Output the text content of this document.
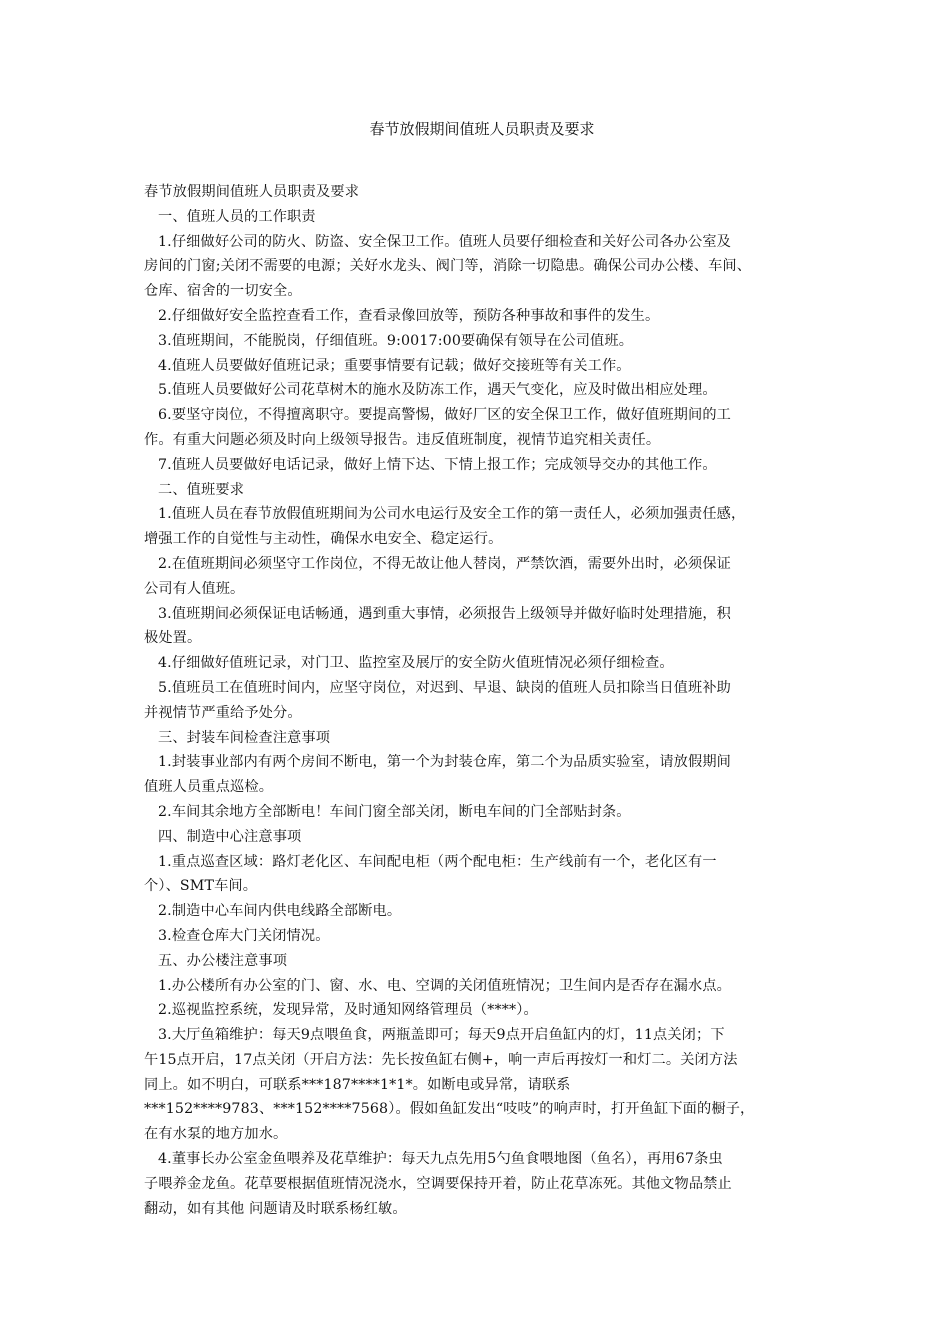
春节放假期间值班人员职责及要求

春节放假期间值班人员职责及要求

一、值班人员的工作职责

1.仔细做好公司的防火、防盗、安全保卫工作。值班人员要仔细检查和关好公司各办公室及

房间的门窗;关闭不需要的电源；关好水龙头、阀门等，消除一切隐患。确保公司办公楼、车间、

仓库、宿舍的一切安全。

2.仔细做好安全监控查看工作，查看录像回放等，预防各种事故和事件的发生。

3.值班期间，不能脱岗，仔细值班。9:0017:00要确保有领导在公司值班。

4.值班人员要做好值班记录；重要事情要有记载；做好交接班等有关工作。

5.值班人员要做好公司花草树木的施水及防冻工作，遇天气变化，应及时做出相应处理。

6.要坚守岗位，不得擅离职守。要提高警惕，做好厂区的安全保卫工作，做好值班期间的工

作。有重大问题必须及时向上级领导报告。违反值班制度，视情节追究相关责任。

7.值班人员要做好电话记录，做好上情下达、下情上报工作；完成领导交办的其他工作。

二、值班要求

1.值班人员在春节放假值班期间为公司水电运行及安全工作的第一责任人，必须加强责任感，

增强工作的自觉性与主动性，确保水电安全、稳定运行。

2.在值班期间必须坚守工作岗位，不得无故让他人替岗，严禁饮酒，需要外出时，必须保证

公司有人值班。

3.值班期间必须保证电话畅通，遇到重大事情，必须报告上级领导并做好临时处理措施，积

极处置。

4.仔细做好值班记录，对门卫、监控室及展厅的安全防火值班情况必须仔细检查。

5.值班员工在值班时间内，应坚守岗位，对迟到、早退、缺岗的值班人员扣除当日值班补助

并视情节严重给予处分。

三、封装车间检查注意事项

1.封装事业部内有两个房间不断电，第一个为封装仓库，第二个为品质实验室，请放假期间

值班人员重点巡检。

2.车间其余地方全部断电！车间门窗全部关闭，断电车间的门全部贴封条。

四、制造中心注意事项

1.重点巡查区域：路灯老化区、车间配电柜（两个配电柜：生产线前有一个，老化区有一

个）、SMT车间。

2.制造中心车间内供电线路全部断电。

3.检查仓库大门关闭情况。

五、办公楼注意事项

1.办公楼所有办公室的门、窗、水、电、空调的关闭值班情况；卫生间内是否存在漏水点。

2.巡视监控系统，发现异常，及时通知网络管理员（****）。

3.大厅鱼箱维护：每天9点喂鱼食，两瓶盖即可；每天9点开启鱼缸内的灯，11点关闭；下

午15点开启，17点关闭（开启方法：先长按鱼缸右侧+，响一声后再按灯一和灯二。关闭方法

同上。如不明白，可联系***187****1*1*。如断电或异常，请联系

***152****9783、***152****7568）。假如鱼缸发出“吱吱”的响声时，打开鱼缸下面的橱子，

在有水泵的地方加水。

4.董事长办公室金鱼喂养及花草维护：每天九点先用5勺鱼食喂地图（鱼名），再用67条虫

子喂养金龙鱼。花草要根据值班情况浇水，空调要保持开着，防止花草冻死。其他文物品禁止

翻动，如有其他 问题请及时联系杨红敏。
